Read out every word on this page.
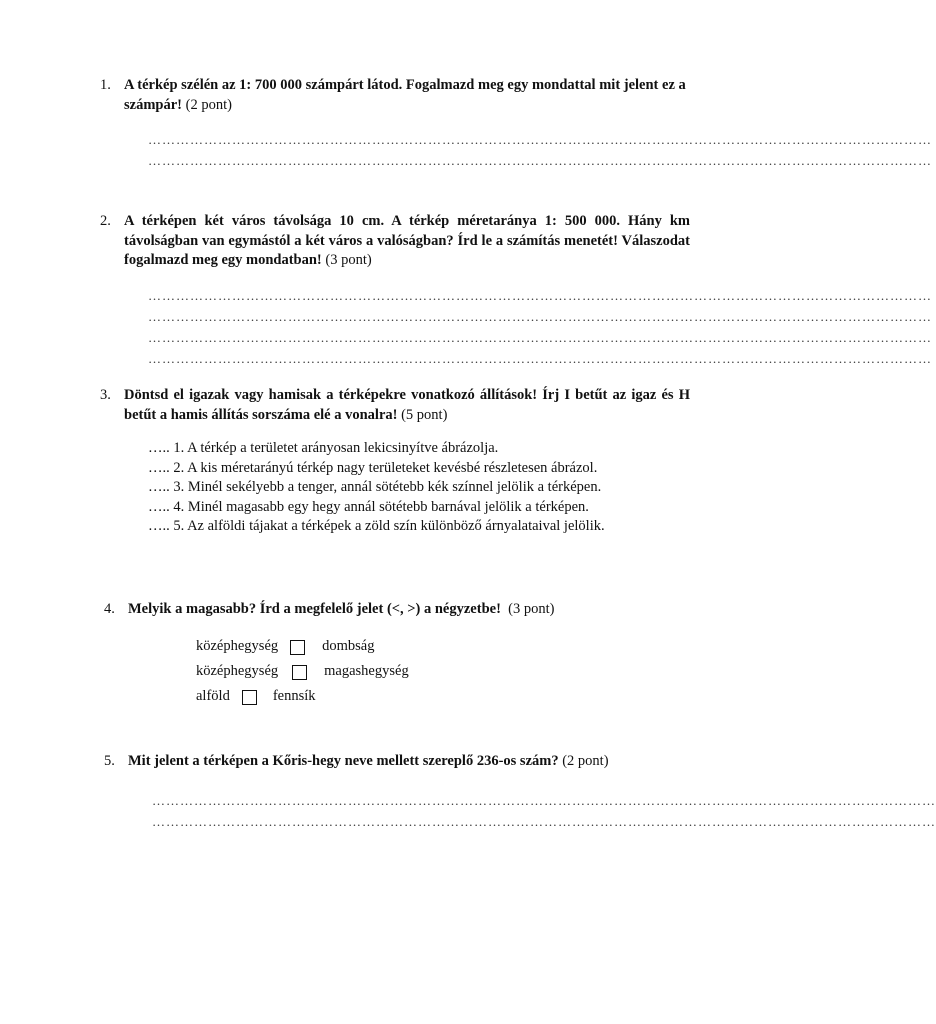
1. A térkép szélén az 1: 700 000 számpárt látod. Fogalmazd meg egy mondattal mit jelent ez a számpár! (2 pont)
……………………………………………………………………………………………………………………………………………………
……………………………………………………………………………………………………………………………………………………
2. A térképen két város távolsága 10 cm. A térkép méretaránya 1: 500 000. Hány km távolságban van egymástól a két város a valóságban? Írd le a számítás menetét! Válaszodat fogalmazd meg egy mondatban! (3 pont)
……………………………………………………………………………………………………………………………………………………
……………………………………………………………………………………………………………………………………………………
……………………………………………………………………………………………………………………………………………………
……………………………………………………………………………………………………………………………………………………
3. Döntsd el igazak vagy hamisak a térképekre vonatkozó állítások! Írj I betűt az igaz és H betűt a hamis állítás sorszáma elé a vonalra! (5 pont)
….. 1. A térkép a területet arányosan lekicsinyítve ábrázolja.
….. 2. A kis méretarányú térkép nagy területeket kevésbé részletesen ábrázol.
….. 3. Minél sekélyebb a tenger, annál sötétebb kék színnel jelölik a térképen.
….. 4. Minél magasabb egy hegy annál sötétebb barnával jelölik a térképen.
….. 5. Az alföldi tájakat a térképek a zöld szín különböző árnyalataival jelölik.
4. Melyik a magasabb? Írd a megfelelő jelet (<, >) a négyzetbe! (3 pont)
középhegység	dombság
középhegység	magashegység
alföld	fennsík
5. Mit jelent a térképen a Kőris-hegy neve mellett szereplő 236-os szám? (2 pont)
……………………………………………………………………………………………………………………………………………………
……………………………………………………………………………………………………………………………………………………
